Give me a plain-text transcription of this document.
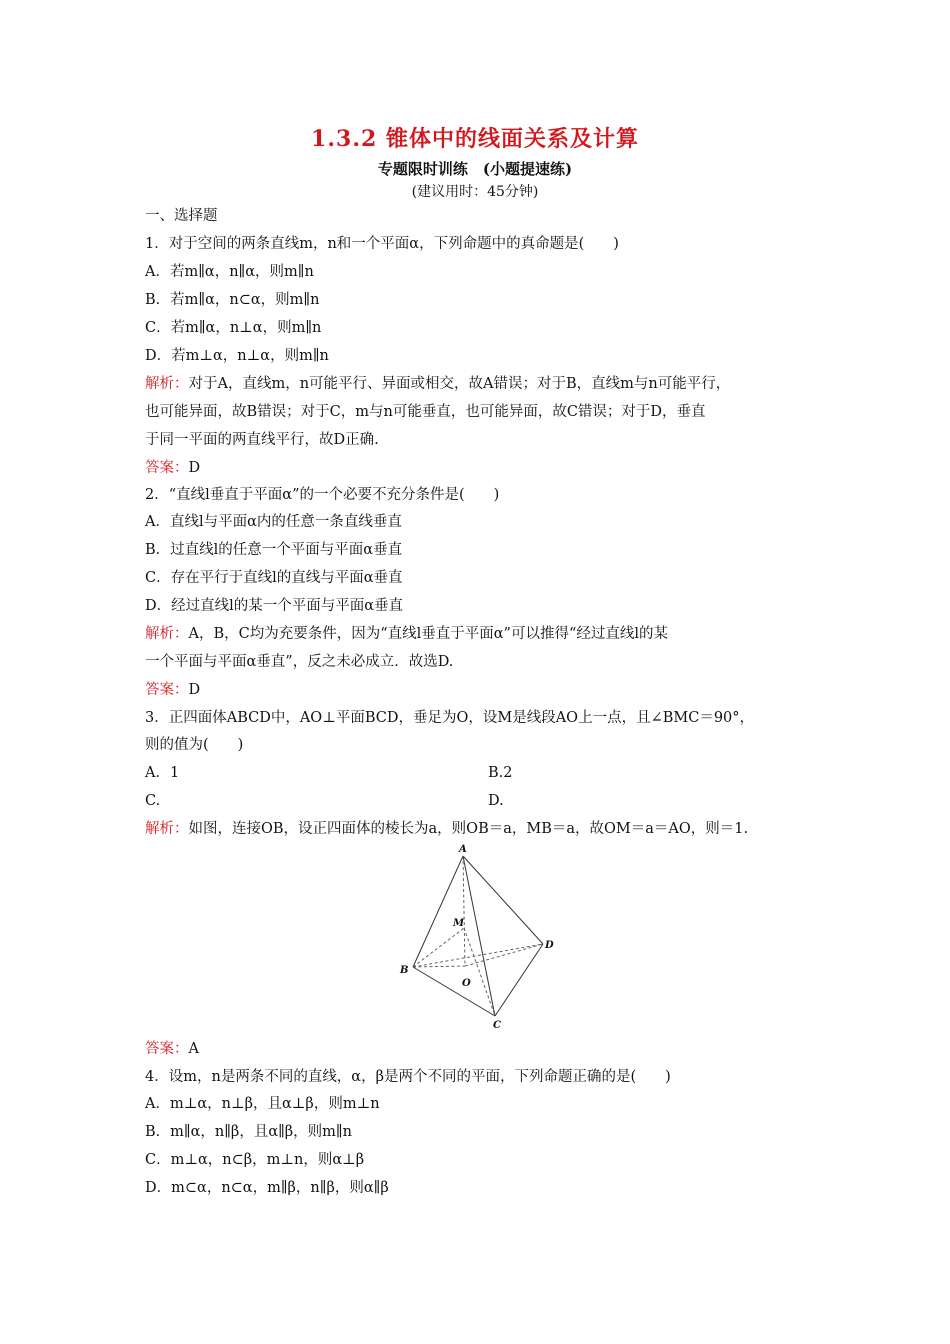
1.3.2 锥体中的线面关系及计算
专题限时训练　(小题提速练)
(建议用时：45分钟)
一、选择题
1．对于空间的两条直线m，n和一个平面α，下列命题中的真命题是(　　)
A．若m∥α，n∥α，则m∥n
B．若m∥α，n⊂α，则m∥n
C．若m∥α，n⊥α，则m∥n
D．若m⊥α，n⊥α，则m∥n
解析：对于A，直线m，n可能平行、异面或相交，故A错误；对于B，直线m与n可能平行，
也可能异面，故B错误；对于C，m与n可能垂直，也可能异面，故C错误；对于D，垂直
于同一平面的两直线平行，故D正确.
答案：D
2．“直线l垂直于平面α”的一个必要不充分条件是(　　)
A．直线l与平面α内的任意一条直线垂直
B．过直线l的任意一个平面与平面α垂直
C．存在平行于直线l的直线与平面α垂直
D．经过直线l的某一个平面与平面α垂直
解析：A，B，C均为充要条件，因为“直线l垂直于平面α”可以推得“经过直线l的某
一个平面与平面α垂直”，反之未必成立．故选D.
答案：D
3．正四面体ABCD中，AO⊥平面BCD，垂足为O，设M是线段AO上一点，且∠BMC＝90°，
则的值为(　　)
A．1	B.2
C.	D.
解析：如图，连接OB，设正四面体的棱长为a，则OB＝a，MB＝a，故OM＝a＝AO，则＝1.
A
B
C
D
M
O
答案：A
4．设m，n是两条不同的直线，α，β是两个不同的平面，下列命题正确的是(　　)
A．m⊥α，n⊥β，且α⊥β，则m⊥n
B．m∥α，n∥β，且α∥β，则m∥n
C．m⊥α，n⊂β，m⊥n，则α⊥β
D．m⊂α，n⊂α，m∥β，n∥β，则α∥β
